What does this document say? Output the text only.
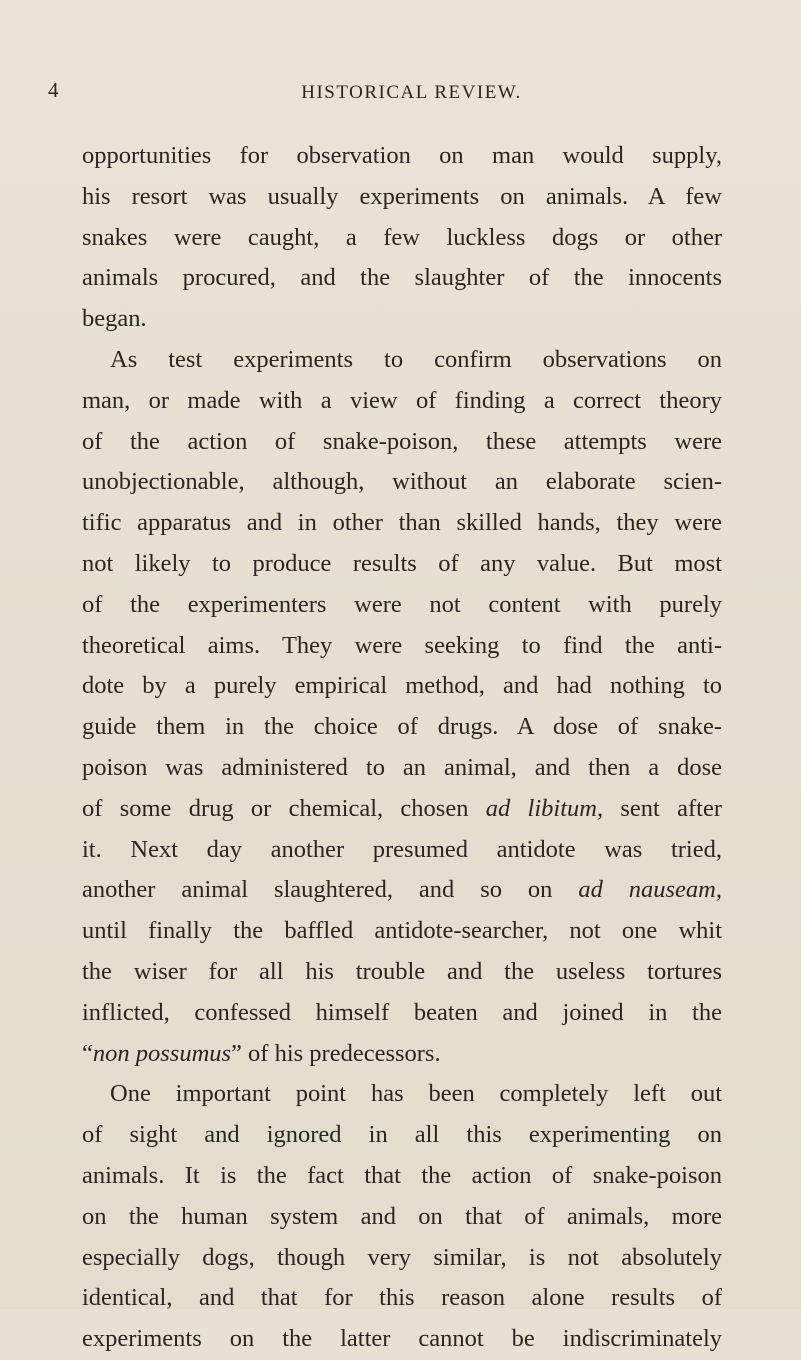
4	HISTORICAL REVIEW.

opportunities for observation on man would supply,
his resort was usually experiments on animals. A few
snakes were caught, a few luckless dogs or other
animals procured, and the slaughter of the innocents
began.

As test experiments to confirm observations on
man, or made with a view of finding a correct theory
of the action of snake-poison, these attempts were
unobjectionable, although, without an elaborate scien-
tific apparatus and in other than skilled hands, they were
not likely to produce results of any value. But most
of the experimenters were not content with purely
theoretical aims. They were seeking to find the anti-
dote by a purely empirical method, and had nothing to
guide them in the choice of drugs. A dose of snake-
poison was administered to an animal, and then a dose
of some drug or chemical, chosen ad libitum, sent after
it. Next day another presumed antidote was tried,
another animal slaughtered, and so on ad nauseam,
until finally the baffled antidote-searcher, not one whit
the wiser for all his trouble and the useless tortures
inflicted, confessed himself beaten and joined in the
“non possumus” of his predecessors.

One important point has been completely left out
of sight and ignored in all this experimenting on
animals. It is the fact that the action of snake-poison
on the human system and on that of animals, more
especially dogs, though very similar, is not absolutely
identical, and that for this reason alone results of
experiments on the latter cannot be indiscriminately
